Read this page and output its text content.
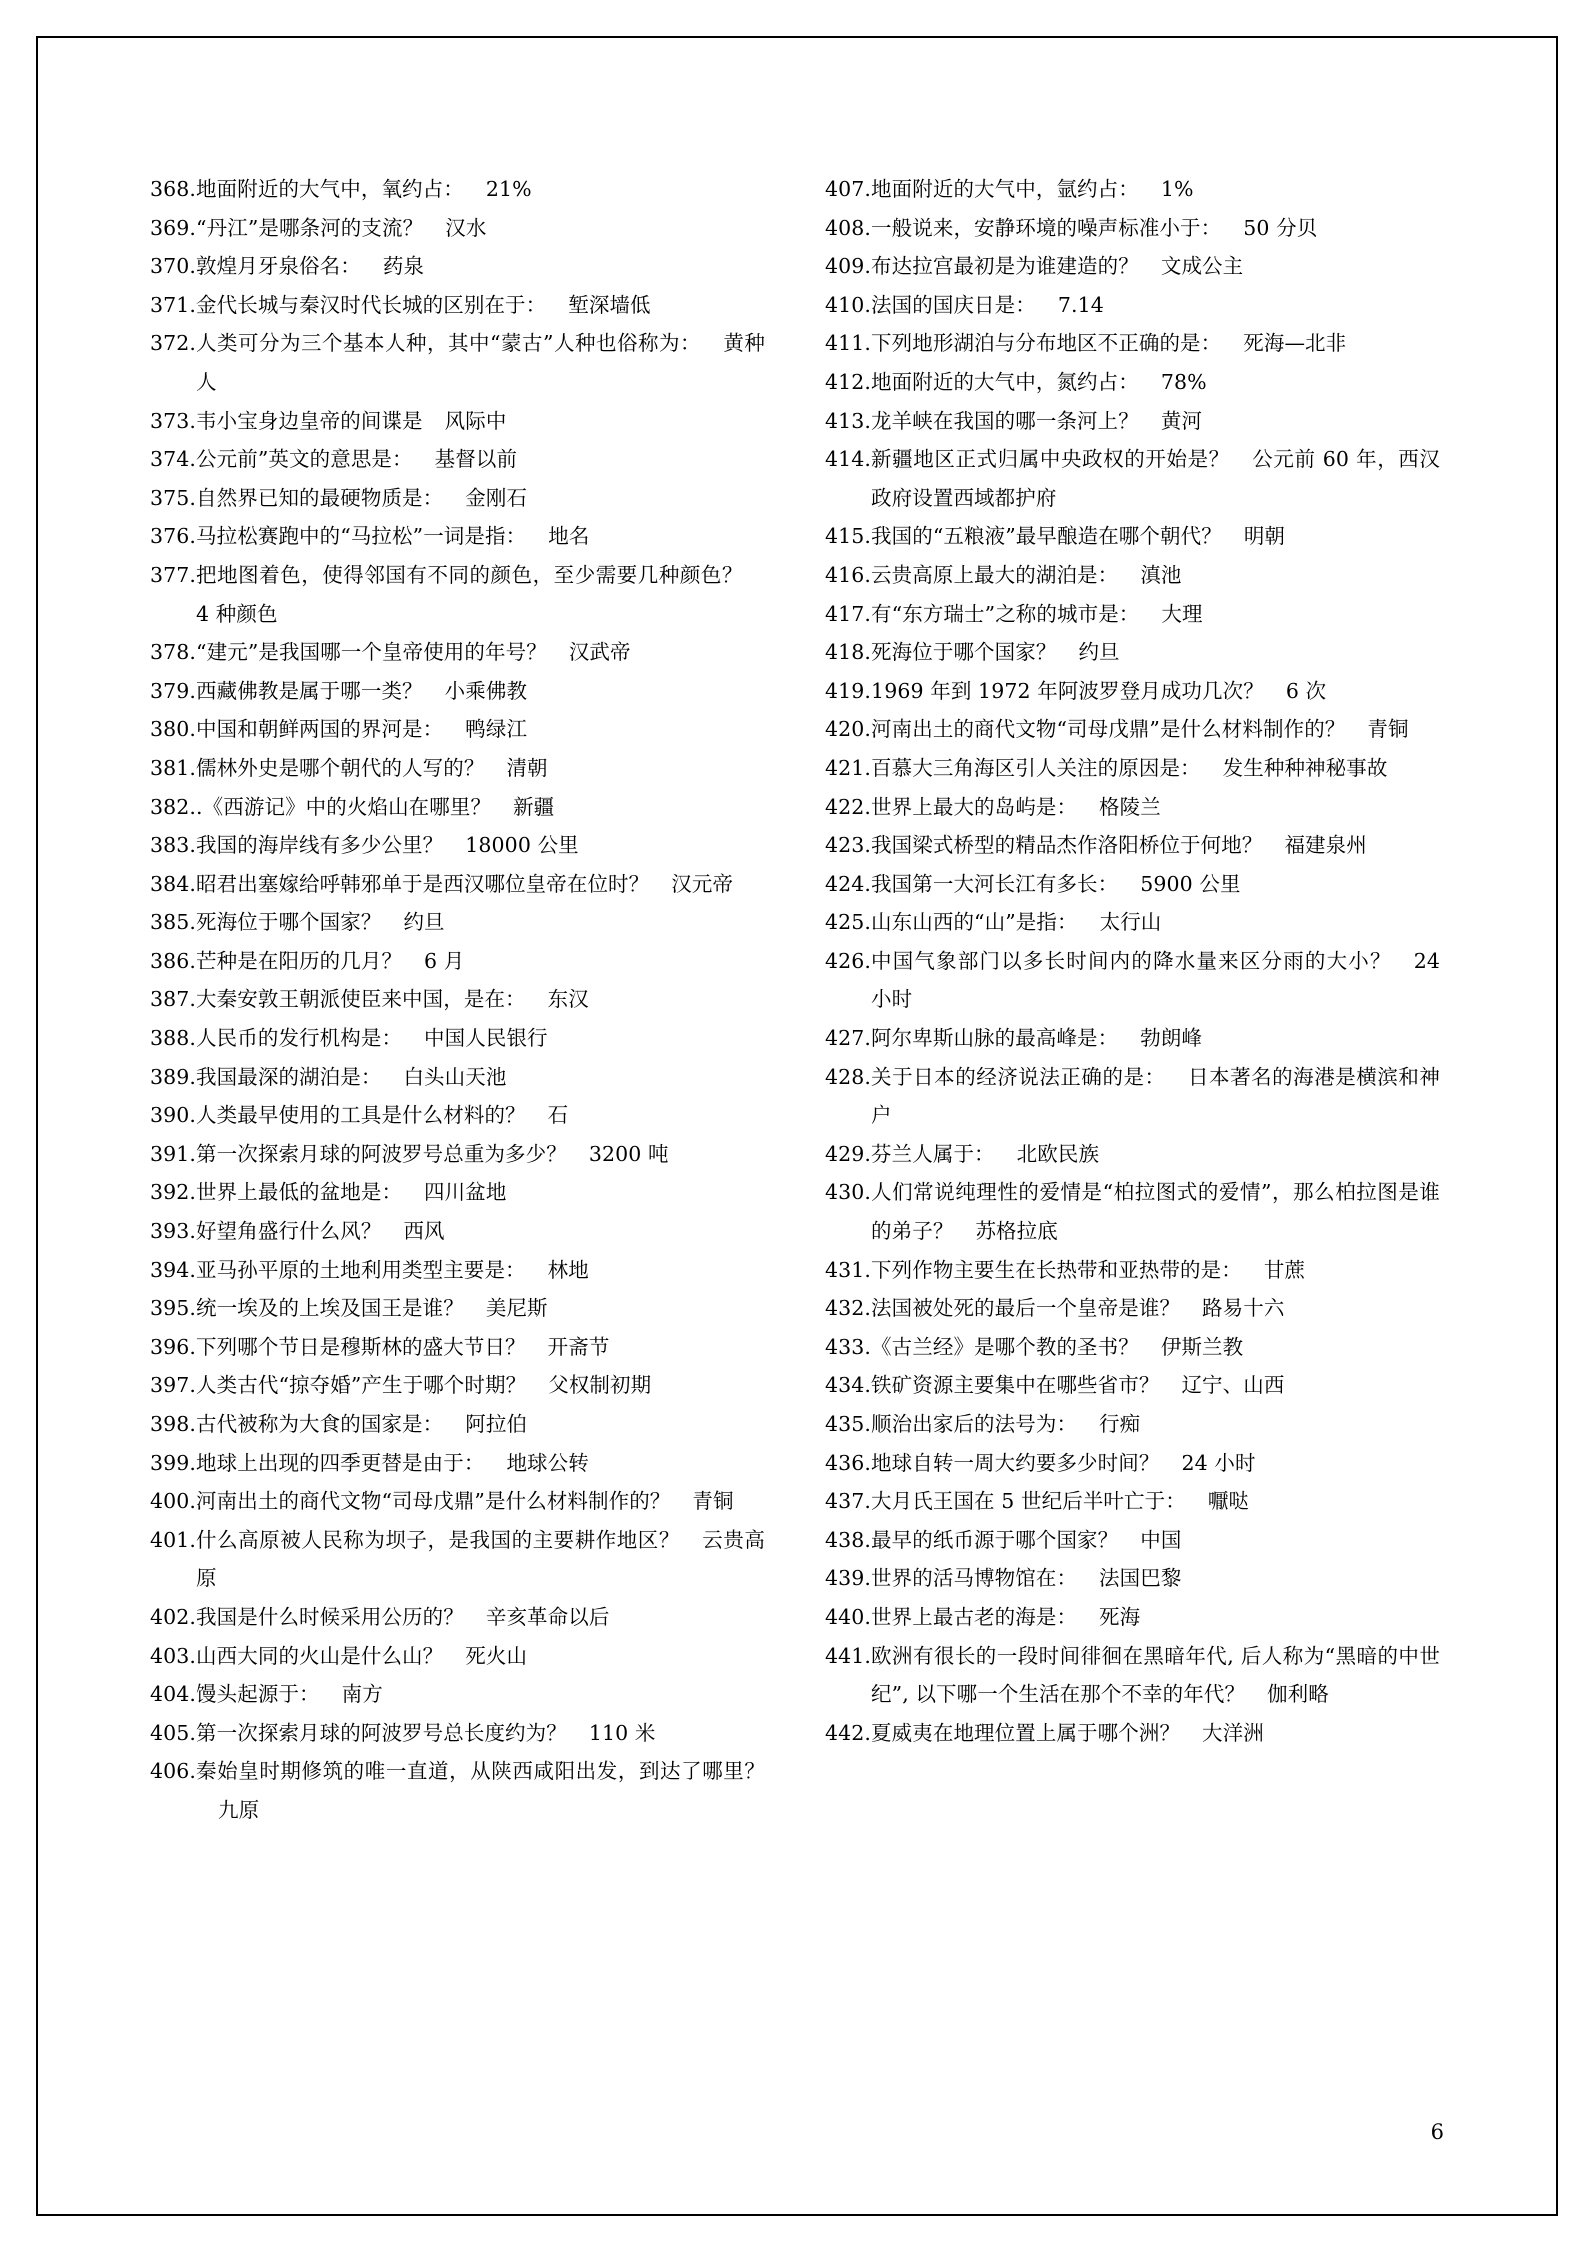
368. 地面附近的大气中，氧约占： 21%
369. “丹江”是哪条河的支流？ 汉水
370. 敦煌月牙泉俗名： 药泉
371. 金代长城与秦汉时代长城的区别在于： 堑深墙低
372. 人类可分为三个基本人种，其中“蒙古”人种也俗称为： 黄种人
373. 韦小宝身边皇帝的间谍是 风际中
374. 公元前”英文的意思是： 基督以前
375. 自然界已知的最硬物质是： 金刚石
376. 马拉松赛跑中的“马拉松”一词是指： 地名
377. 把地图着色，使得邻国有不同的颜色，至少需要几种颜色？4 种颜色
378. “建元”是我国哪一个皇帝使用的年号？ 汉武帝
379. 西藏佛教是属于哪一类？ 小乘佛教
380. 中国和朝鲜两国的界河是： 鸭绿江
381. 儒林外史是哪个朝代的人写的？ 清朝
382. .《西游记》中的火焰山在哪里？ 新疆
383. 我国的海岸线有多少公里？ 18000 公里
384. 昭君出塞嫁给呼韩邪单于是西汉哪位皇帝在位时？ 汉元帝
385. 死海位于哪个国家？ 约旦
386. 芒种是在阳历的几月？ 6 月
387. 大秦安敦王朝派使臣来中国，是在： 东汉
388. 人民币的发行机构是： 中国人民银行
389. 我国最深的湖泊是： 白头山天池
390. 人类最早使用的工具是什么材料的？ 石
391. 第一次探索月球的阿波罗号总重为多少？ 3200 吨
392. 世界上最低的盆地是： 四川盆地
393. 好望角盛行什么风？ 西风
394. 亚马孙平原的土地利用类型主要是： 林地
395. 统一埃及的上埃及国王是谁？ 美尼斯
396. 下列哪个节日是穆斯林的盛大节日？ 开斋节
397. 人类古代“掠夺婚”产生于哪个时期？ 父权制初期
398. 古代被称为大食的国家是： 阿拉伯
399. 地球上出现的四季更替是由于： 地球公转
400. 河南出土的商代文物“司母戊鼎”是什么材料制作的？ 青铜
401. 什么高原被人民称为坝子，是我国的主要耕作地区？ 云贵高原
402. 我国是什么时候采用公历的？ 辛亥革命以后
403. 山西大同的火山是什么山？ 死火山
404. 馒头起源于： 南方
405. 第一次探索月球的阿波罗号总长度约为？ 110 米
406. 秦始皇时期修筑的唯一直道，从陕西咸阳出发，到达了哪里？九原
407. 地面附近的大气中，氩约占： 1%
408. 一般说来，安静环境的噪声标准小于： 50 分贝
409. 布达拉宫最初是为谁建造的？ 文成公主
410. 法国的国庆日是： 7.14
411. 下列地形湖泊与分布地区不正确的是： 死海—北非
412. 地面附近的大气中，氮约占： 78%
413. 龙羊峡在我国的哪一条河上？ 黄河
414. 新疆地区正式归属中央政权的开始是？ 公元前 60 年，西汉政府设置西域都护府
415. 我国的“五粮液”最早酿造在哪个朝代？ 明朝
416. 云贵高原上最大的湖泊是： 滇池
417. 有“东方瑞士”之称的城市是： 大理
418. 死海位于哪个国家？ 约旦
419. 1969 年到 1972 年阿波罗登月成功几次？ 6 次
420. 河南出土的商代文物“司母戊鼎”是什么材料制作的？ 青铜
421. 百慕大三角海区引人关注的原因是： 发生种种神秘事故
422. 世界上最大的岛屿是： 格陵兰
423. 我国梁式桥型的精品杰作洛阳桥位于何地？ 福建泉州
424. 我国第一大河长江有多长： 5900 公里
425. 山东山西的“山”是指： 太行山
426. 中国气象部门以多长时间内的降水量来区分雨的大小？ 24 小时
427. 阿尔卑斯山脉的最高峰是： 勃朗峰
428. 关于日本的经济说法正确的是： 日本著名的海港是横滨和神户
429. 芬兰人属于： 北欧民族
430. 人们常说纯理性的爱情是“柏拉图式的爱情”，那么柏拉图是谁的弟子？ 苏格拉底
431. 下列作物主要生在长热带和亚热带的是： 甘蔗
432. 法国被处死的最后一个皇帝是谁？ 路易十六
433. 《古兰经》是哪个教的圣书？ 伊斯兰教
434. 铁矿资源主要集中在哪些省市？ 辽宁、山西
435. 顺治出家后的法号为： 行痴
436. 地球自转一周大约要多少时间？ 24 小时
437. 大月氏王国在 5 世纪后半叶亡于： 嚈哒
438. 最早的纸币源于哪个国家？ 中国
439. 世界的活马博物馆在： 法国巴黎
440. 世界上最古老的海是： 死海
441. 欧洲有很长的一段时间徘徊在黑暗年代, 后人称为“黑暗的中世纪”, 以下哪一个生活在那个不幸的年代？ 伽利略
442. 夏威夷在地理位置上属于哪个洲？ 大洋洲
6
